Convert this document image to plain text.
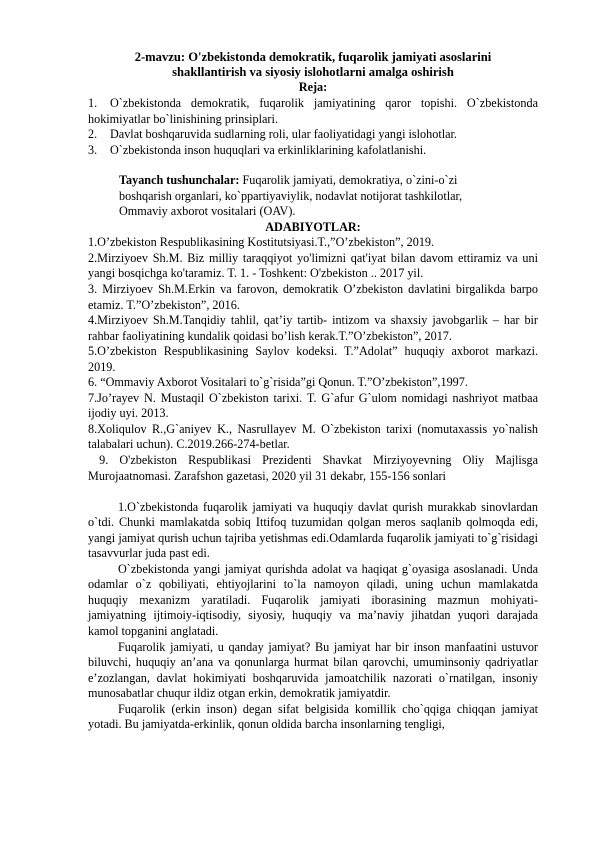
2-mavzu: O'zbekistonda demokratik, fuqarolik jamiyati asoslarini
shakllantirish va siyosiy islohotlarni amalga oshirish
Reja:
1. O`zbekistonda demokratik, fuqarolik jamiyatining qaror topishi. O`zbekistonda hokimiyatlar bo`linishining prinsiplari.
2.	Davlat boshqaruvida sudlarning roli, ular faoliyatidagi yangi islohotlar.
3.	O`zbekistonda inson huquqlari va erkinliklarining kafolatlanishi.
Tayanch tushunchalar: Fuqarolik jamiyati, demokratiya, o`zini-o`zi boshqarish organlari, ko`ppartiyaviylik, nodavlat notijorat tashkilotlar, Ommaviy axborot vositalari (OAV).
ADABIYOTLAR:
1.O’zbekiston Respublikasining Kostitutsiyasi.T.,”O’zbekiston”, 2019.
2.Mirziyoev Sh.M. Biz milliy taraqqiyot yo'limizni qat'iyat bilan davom ettiramiz va uni yangi bosqichga ko'taramiz. T. 1. - Toshkent: O'zbekiston .. 2017 yil.
3. Mirziyoev Sh.M.Erkin va farovon, demokratik O’zbekiston davlatini birgalikda barpo etamiz. T.”O’zbekiston”, 2016.
4.Mirziyoev Sh.M.Tanqidiy tahlil, qat’iy tartib- intizom va shaxsiy javobgarlik – har bir rahbar faoliyatining kundalik qoidasi bo’lish kerak.T.”O’zbekiston”, 2017.
5.O’zbekiston Respublikasining Saylov kodeksi. T.”Adolat” huquqiy axborot markazi. 2019.
6. “Ommaviy Axborot Vositalari to`g`risida”gi Qonun. T.”O’zbekiston”,1997.
7.Jo’rayev N. Mustaqil O`zbekiston tarixi. T. G`afur G`ulom nomidagi nashriyot matbaa ijodiy uyi. 2013.
8.Xoliqulov R.,G`aniyev K., Nasrullayev M. O`zbekiston tarixi (nomutaxassis yo`nalish talabalari uchun). C.2019.266-274-betlar.
9. O'zbekiston Respublikasi Prezidenti Shavkat Mirziyoyevning Oliy Majlisga Murojaatnomasi. Zarafshon gazetasi, 2020 yil 31 dekabr, 155-156 sonlari
1.O`zbekistonda fuqarolik jamiyati va huquqiy davlat qurish murakkab sinovlardan o`tdi. Chunki mamlakatda sobiq Ittifoq tuzumidan qolgan meros saqlanib qolmoqda edi, yangi jamiyat qurish uchun tajriba yetishmas edi.Odamlarda fuqarolik jamiyati to`g`risidagi tasavvurlar juda past edi.
O`zbekistonda yangi jamiyat qurishda adolat va haqiqat g`oyasiga asoslanadi. Unda odamlar o`z qobiliyati, ehtiyojlarini to`la namoyon qiladi, uning uchun mamlakatda huquqiy mexanizm yaratiladi. Fuqarolik jamiyati iborasining mazmun mohiyati-jamiyatning ijtimoiy-iqtisodiy, siyosiy, huquqiy va ma’naviy jihatdan yuqori darajada kamol topganini anglatadi.
Fuqarolik jamiyati, u qanday jamiyat? Bu jamiyat har bir inson manfaatini ustuvor biluvchi, huquqiy an’ana va qonunlarga hurmat bilan qarovchi, umuminsoniy qadriyatlar e’zozlangan, davlat hokimiyati boshqaruvida jamoatchilik nazorati o`rnatilgan, insoniy munosabatlar chuqur ildiz otgan erkin, demokratik jamiyatdir.
Fuqarolik (erkin inson) degan sifat belgisida komillik cho`qqiga chiqqan jamiyat yotadi. Bu jamiyatda-erkinlik, qonun oldida barcha insonlarning tengligi,
